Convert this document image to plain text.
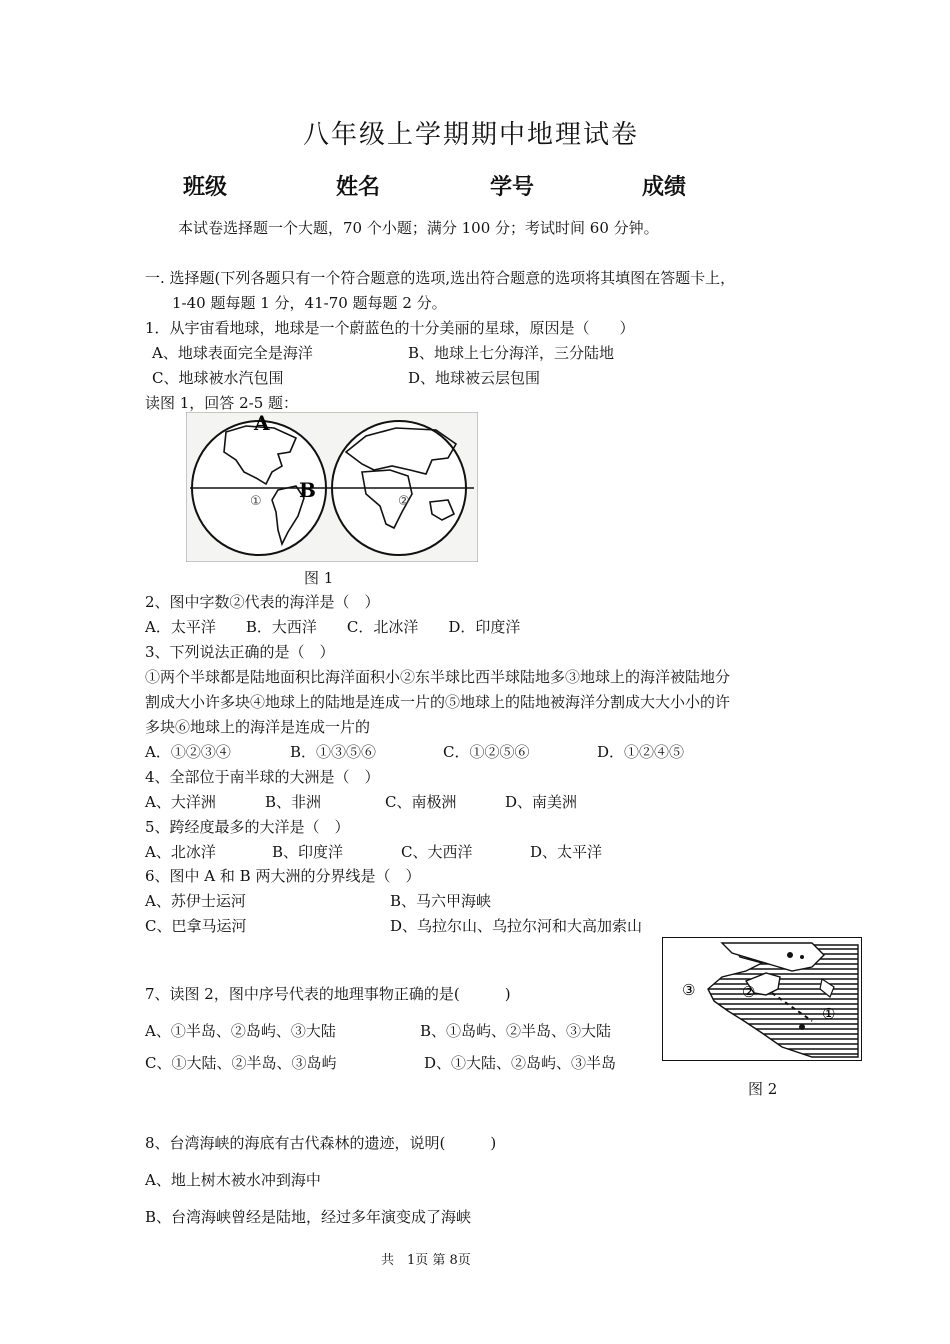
八年级上学期期中地理试卷
班级	姓名	学号	成绩
本试卷选择题一个大题，70 个小题；满分 100 分；考试时间 60 分钟。
一. 选择题(下列各题只有一个符合题意的选项,选出符合题意的选项将其填图在答题卡上，
1-40 题每题 1 分，41-70 题每题 2 分。
1．从宇宙看地球，地球是一个蔚蓝色的十分美丽的星球，原因是（　　）
A、地球表面完全是海洋	B、地球上七分海洋，三分陆地
C、地球被水汽包围	D、地球被云层包围
读图 1，回答 2-5 题：
A
B
①	②
图 1
2、图中字数②代表的海洋是（　）
A．太平洋　　B．大西洋　　C．北冰洋　　D．印度洋
3、下列说法正确的是（　）
①两个半球都是陆地面积比海洋面积小②东半球比西半球陆地多③地球上的海洋被陆地分
割成大小许多块④地球上的陆地是连成一片的⑤地球上的陆地被海洋分割成大大小小的许
多块⑥地球上的海洋是连成一片的
A．①②③④	B．①③⑤⑥	C．①②⑤⑥	D．①②④⑤
4、全部位于南半球的大洲是（　）
A、大洋洲	B、非洲	C、南极洲	D、南美洲
5、跨经度最多的大洋是（　）
A、北冰洋	B、印度洋	C、大西洋	D、太平洋
6、图中 A 和 B 两大洲的分界线是（　）
A、苏伊士运河	B、马六甲海峡
C、巴拿马运河	D、乌拉尔山、乌拉尔河和大高加索山
7、读图 2，图中序号代表的地理事物正确的是(　　　)
A、①半岛、②岛屿、③大陆	B、①岛屿、②半岛、③大陆
C、①大陆、②半岛、③岛屿	D、①大陆、②岛屿、③半岛
③	②
①
图 2
8、台湾海峡的海底有古代森林的遗迹，说明(　　　)
A、地上树木被水冲到海中
B、台湾海峡曾经是陆地，经过多年演变成了海峡
共　1页 第 8页
